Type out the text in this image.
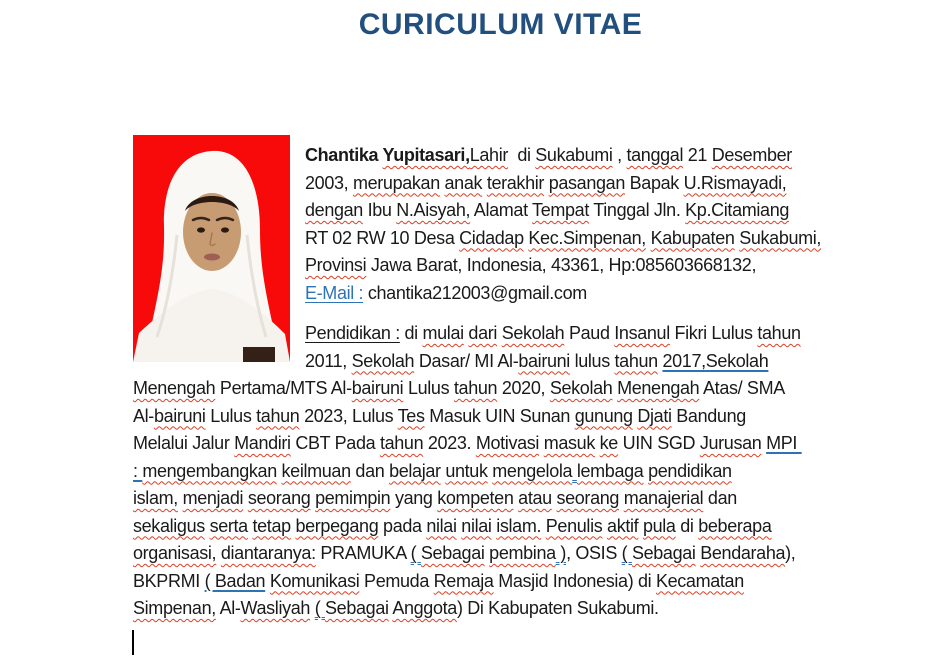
CURICULUM VITAE
Chantika Yupitasari,Lahir  di Sukabumi , tanggal 21 Desember
2003, merupakan anak terakhir pasangan Bapak U.Rismayadi,
dengan Ibu N.Aisyah, Alamat Tempat Tinggal Jln. Kp.Citamiang
RT 02 RW 10 Desa Cidadap Kec.Simpenan, Kabupaten Sukabumi,
Provinsi Jawa Barat, Indonesia, 43361, Hp:085603668132,
E-Mail : chantika212003@gmail.com
Pendidikan : di mulai dari Sekolah Paud Insanul Fikri Lulus tahun
2011, Sekolah Dasar/ MI Al-bairuni lulus tahun 2017,Sekolah
Menengah Pertama/MTS Al-bairuni Lulus tahun 2020, Sekolah Menengah Atas/ SMA
Al-bairuni Lulus tahun 2023, Lulus Tes Masuk UIN Sunan gunung Djati Bandung
Melalui Jalur Mandiri CBT Pada tahun 2023. Motivasi masuk ke UIN SGD Jurusan MPI
: mengembangkan keilmuan dan belajar untuk mengelola lembaga pendidikan
islam, menjadi seorang pemimpin yang kompeten atau seorang manajerial dan
sekaligus serta tetap berpegang pada nilai nilai islam. Penulis aktif pula di beberapa
organisasi, diantaranya: PRAMUKA ( Sebagai pembina ), OSIS ( Sebagai Bendaraha),
BKPRMI ( Badan Komunikasi Pemuda Remaja Masjid Indonesia) di Kecamatan
Simpenan, Al-Wasliyah ( Sebagai Anggota) Di Kabupaten Sukabumi.
